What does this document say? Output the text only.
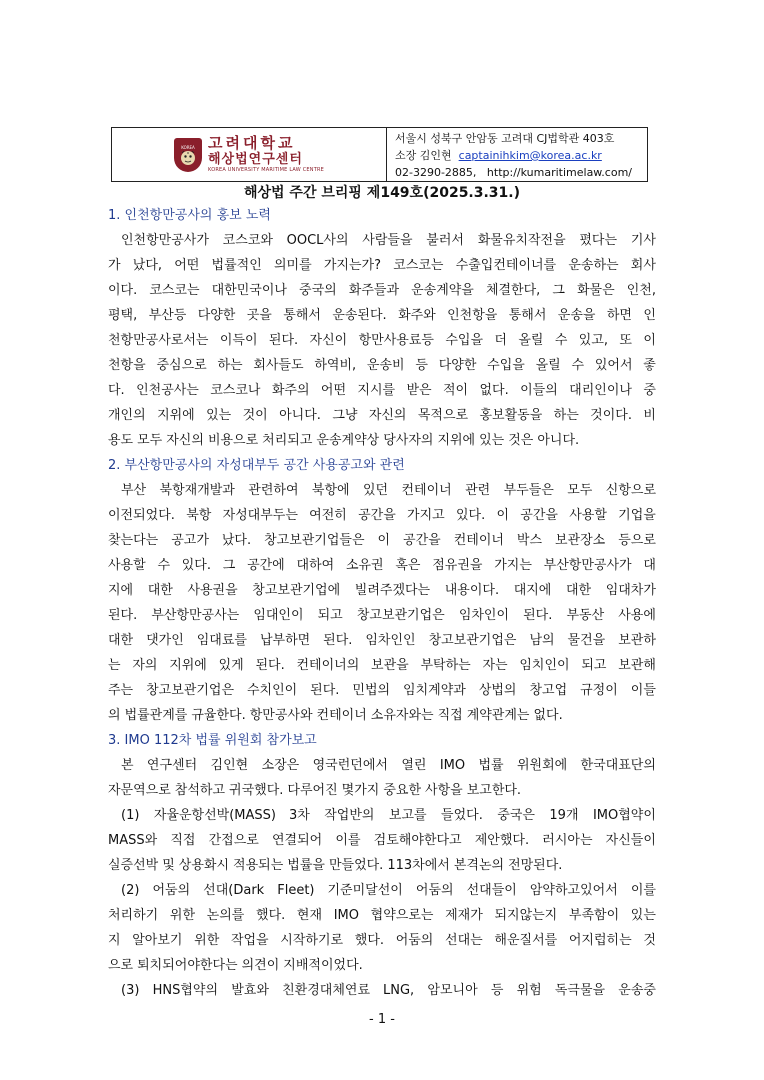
KOREA 고려대학교
해상법연구센터
KOREA UNIVERSITY MARITIME LAW CENTRE
서울시 성북구 안암동 고려대 CJ법학관 403호
소장 김인현 captainihkim@korea.ac.kr
02-3290-2885, http://kumaritimelaw.com/
해상법 주간 브리핑 제149호(2025.3.31.)
1. 인천항만공사의 홍보 노력
　인천항만공사가 코스코와 OOCL사의 사람들을 불러서 화물유치작전을 폈다는 기사
가 났다, 어떤 법률적인 의미를 가지는가? 코스코는 수출입컨테이너를 운송하는 회사
이다. 코스코는 대한민국이나 중국의 화주들과 운송계약을 체결한다, 그 화물은 인천,
평택, 부산등 다양한 곳을 통해서 운송된다. 화주와 인천항을 통해서 운송을 하면 인
천항만공사로서는 이득이 된다. 자신이 항만사용료등 수입을 더 올릴 수 있고, 또 이
천항을 중심으로 하는 회사들도 하역비, 운송비 등 다양한 수입을 올릴 수 있어서 좋
다. 인천공사는 코스코나 화주의 어떤 지시를 받은 적이 없다. 이들의 대리인이나 중
개인의 지위에 있는 것이 아니다. 그냥 자신의 목적으로 홍보활동을 하는 것이다. 비
용도 모두 자신의 비용으로 처리되고 운송계약상 당사자의 지위에 있는 것은 아니다.
2. 부산항만공사의 자성대부두 공간 사용공고와 관련
　부산 북항재개발과 관련하여 북항에 있던 컨테이너 관련 부두들은 모두 신항으로
이전되었다. 북항 자성대부두는 여전히 공간을 가지고 있다. 이 공간을 사용할 기업을
찾는다는 공고가 났다. 창고보관기업들은 이 공간을 컨테이너 박스 보관장소 등으로
사용할 수 있다. 그 공간에 대하여 소유권 혹은 점유권을 가지는 부산항만공사가 대
지에 대한 사용권을 창고보관기업에 빌려주겠다는 내용이다. 대지에 대한 임대차가
된다. 부산항만공사는 임대인이 되고 창고보관기업은 임차인이 된다. 부동산 사용에
대한 댓가인 임대료를 납부하면 된다. 임차인인 창고보관기업은 남의 물건을 보관하
는 자의 지위에 있게 된다. 컨테이너의 보관을 부탁하는 자는 임치인이 되고 보관해
주는 창고보관기업은 수치인이 된다. 민법의 임치계약과 상법의 창고업 규정이 이들
의 법률관계를 규율한다. 항만공사와 컨테이너 소유자와는 직접 계약관계는 없다.
3. IMO 112차 법률 위원회 참가보고
　본 연구센터 김인현 소장은 영국런던에서 열린 IMO 법률 위원회에 한국대표단의
자문역으로 참석하고 귀국했다. 다루어진 몇가지 중요한 사항을 보고한다.
　(1) 자율운항선박(MASS)　3차 작업반의 보고를 들었다. 중국은 19개 IMO협약이
MASS와 직접 간접으로 연결되어 이를 검토해야한다고 제안했다. 러시아는 자신들이
실증선박 및 상용화시 적용되는 법률을 만들었다. 113차에서 본격논의 전망된다.
　(2) 어둠의 선대(Dark Fleet)　기준미달선이 어둠의 선대들이 암약하고있어서 이를
처리하기 위한 논의를 했다. 현재 IMO 협약으로는 제재가 되지않는지 부족함이 있는
지 알아보기 위한 작업을 시작하기로 했다. 어둠의 선대는 해운질서를 어지럽히는 것
으로 퇴치되어야한다는 의견이 지배적이었다.
　(3) HNS협약의 발효와 친환경대체연료　LNG, 암모니아 등 위험 독극물을 운송중
- 1 -
